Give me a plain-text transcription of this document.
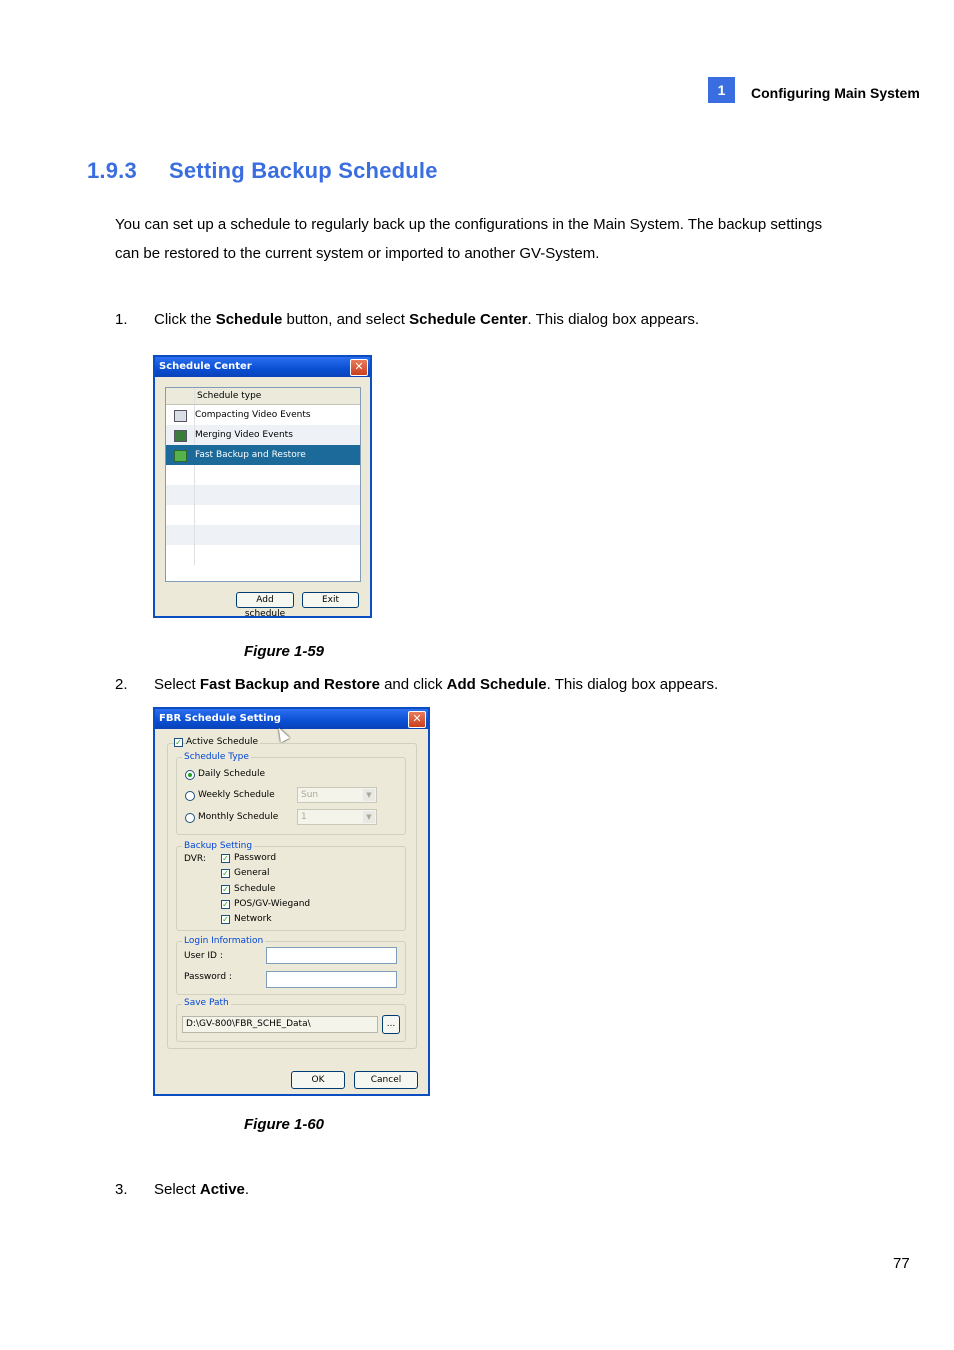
1	Configuring Main System
1.9.3 Setting Backup Schedule
You can set up a schedule to regularly back up the configurations in the Main System. The backup settings can be restored to the current system or imported to another GV-System.
1. Click the Schedule button, and select Schedule Center. This dialog box appears.
Schedule Center	✕
Schedule type
Compacting Video Events
Merging Video Events
Fast Backup and Restore
Add schedule
Exit
Figure 1-59
2. Select Fast Backup and Restore and click Add Schedule. This dialog box appears.
FBR Schedule Setting	✕
✓ Active Schedule
Schedule Type
Daily Schedule
Weekly Schedule	Sun	▼
Monthly Schedule	1	▼
Backup Setting
DVR: ✓ Password
✓ General
✓ Schedule
✓ POS/GV-Wiegand
✓ Network
Login Information
User ID :
Password :
Save Path
D:\GV-800\FBR_SCHE_Data\	...
OK	Cancel
Figure 1-60
3. Select Active.
77
